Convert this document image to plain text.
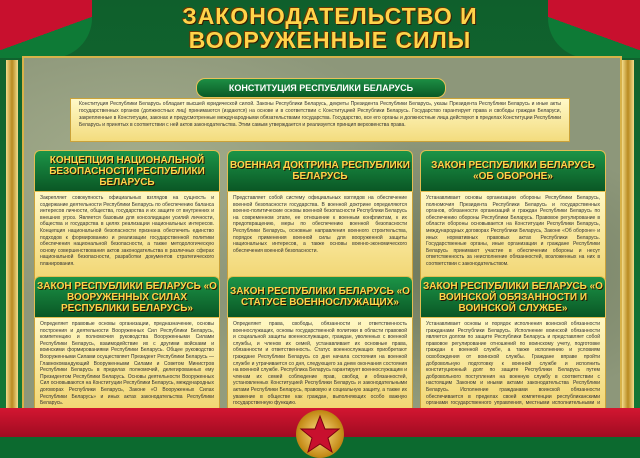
ЗАКОНОДАТЕЛЬСТВО И ВООРУЖЕННЫЕ СИЛЫ
КОНСТИТУЦИЯ РЕСПУБЛИКИ БЕЛАРУСЬ
Конституция Республики Беларусь обладает высшей юридической силой. Законы Республики Беларусь, декреты Президента Республики Беларусь, указы Президента Республики Беларусь и иные акты государственных органов (должностных лиц) принимаются (издаются) на основе и в соответствии с Конституцией Республики Беларусь. Государство гарантирует права и свободы граждан Беларуси, закрепленные в Конституции, законах и предусмотренные международными обязательствами государства. Государство, все его органы и должностные лица действуют в пределах Конституции Республики Беларусь и принятых в соответствии с ней актов законодательства. Этим самым утверждается и реализуется принцип верховенства права.
КОНЦЕПЦИЯ НАЦИОНАЛЬНОЙ БЕЗОПАСНОСТИ РЕСПУБЛИКИ БЕЛАРУСЬ
Закрепляет совокупность официальных взглядов на сущность и содержание деятельности Республики Беларусь по обеспечению баланса интересов личности, общества, государства и их защите от внутренних и внешних угроз. Является базовым для консолидации усилий личности, общества и государства в целях реализации национальных интересов. Концепция национальной безопасности признана обеспечить единство подходов к формированию и реализации государственной политики обеспечения национальной безопасности, а также методологическую основу совершенствования актов законодательства в различных сферах национальной безопасности, разработки документов стратегического планирования.
ВОЕННАЯ ДОКТРИНА РЕСПУБЛИКИ БЕЛАРУСЬ
Представляет собой систему официальных взглядов на обеспечение военной безопасности государства. В военной доктрине определяются военно-политические основы военной безопасности Республики Беларусь на современном этапе, ее отношение к военным конфликтам, к их предотвращению, меры по обеспечению военной безопасности Республики Беларусь, основные направления военного строительства, порядок применения военной силы для вооруженной защиты национальных интересов, а также основы военно-экономического обеспечения военной безопасности.
ЗАКОН РЕСПУБЛИКИ БЕЛАРУСЬ «ОБ ОБОРОНЕ»
Устанавливает основы организации обороны Республики Беларусь, полномочия Президента Республики Беларусь и государственных органов, обязанности организаций и граждан Республики Беларусь по обеспечению обороны Республики Беларусь. Правовое регулирование в области обороны основывается на Конституции Республики Беларусь, международных договорах Республики Беларусь, Законе «Об обороне» и иных нормативных правовых актах Республики Беларусь. Государственные органы, иные организации и граждане Республики Беларусь принимают участие в обеспечении обороны и несут ответственность за неисполнение обязанностей, возложенных на них в соответствии с законодательством.
ЗАКОН РЕСПУБЛИКИ БЕЛАРУСЬ «О ВООРУЖЕННЫХ СИЛАХ РЕСПУБЛИКИ БЕЛАРУСЬ»
Определяет правовые основы организации, предназначение, основы построения и деятельности Вооруженных Сил Республики Беларусь, компетенцию и полномочия руководства Вооруженными Силами Республики Беларусь, взаимодействие их с другими войсками и воинскими формированиями Республики Беларусь. Общее руководство Вооруженными Силами осуществляет Президент Республики Беларусь — Главнокомандующий Вооруженными Силами и Советом Министров Республики Беларусь в пределах полномочий, делегированных ему Президентом Республики Беларусь. Основы деятельности Вооруженных Сил основываются на Конституции Республики Беларусь, международных договорах Республики Беларусь, Законе «О Вооруженных Силах Республики Беларусь» и иных актах законодательства Республики Беларусь.
ЗАКОН РЕСПУБЛИКИ БЕЛАРУСЬ «О СТАТУСЕ ВОЕННОСЛУЖАЩИХ»
Определяет права, свободы, обязанности и ответственность военнослужащих, основы государственной политики в области правовой и социальной защиты военнослужащих, граждан, уволенных с военной службы, и членов их семей, устанавливает их основные права, обязанности и ответственность. Статус военнослужащих приобретают граждане Республики Беларусь со дня начала состояния на военной службе и утрачивается со дня, следующего за днем окончания состояния на военной службе. Республика Беларусь гарантирует военнослужащим и членам их семей соблюдение прав, свобод и обязанностей, установленных Конституцией Республики Беларусь и законодательными актами Республики Беларусь, правовую и социальную защиту, а также их уважение в обществе как граждан, выполняющих особо важную государственную функцию.
ЗАКОН РЕСПУБЛИКИ БЕЛАРУСЬ «О ВОИНСКОЙ ОБЯЗАННОСТИ И ВОИНСКОЙ СЛУЖБЕ»
Устанавливает основы и порядок исполнения воинской обязанности гражданами Республики Беларусь. Исполнение воинской обязанности является долгом по защите Республики Беларусь и представляет собой правовое регулирование отношений по воинскому учету, подготовке граждан к военной службе, а также исполнению и условиям освобождения от воинской службы. Граждане вправе пройти добровольную подготовку к военной службе и исполнить конституционный долг по защите Республики Беларусь путем добровольного поступления на военную службу в соответствии с настоящим Законом и иными актами законодательства Республики Беларусь. Исполнение гражданами воинской обязанности обеспечивается в пределах своей компетенции республиканскими органами государственного управления, местными исполнительными и
